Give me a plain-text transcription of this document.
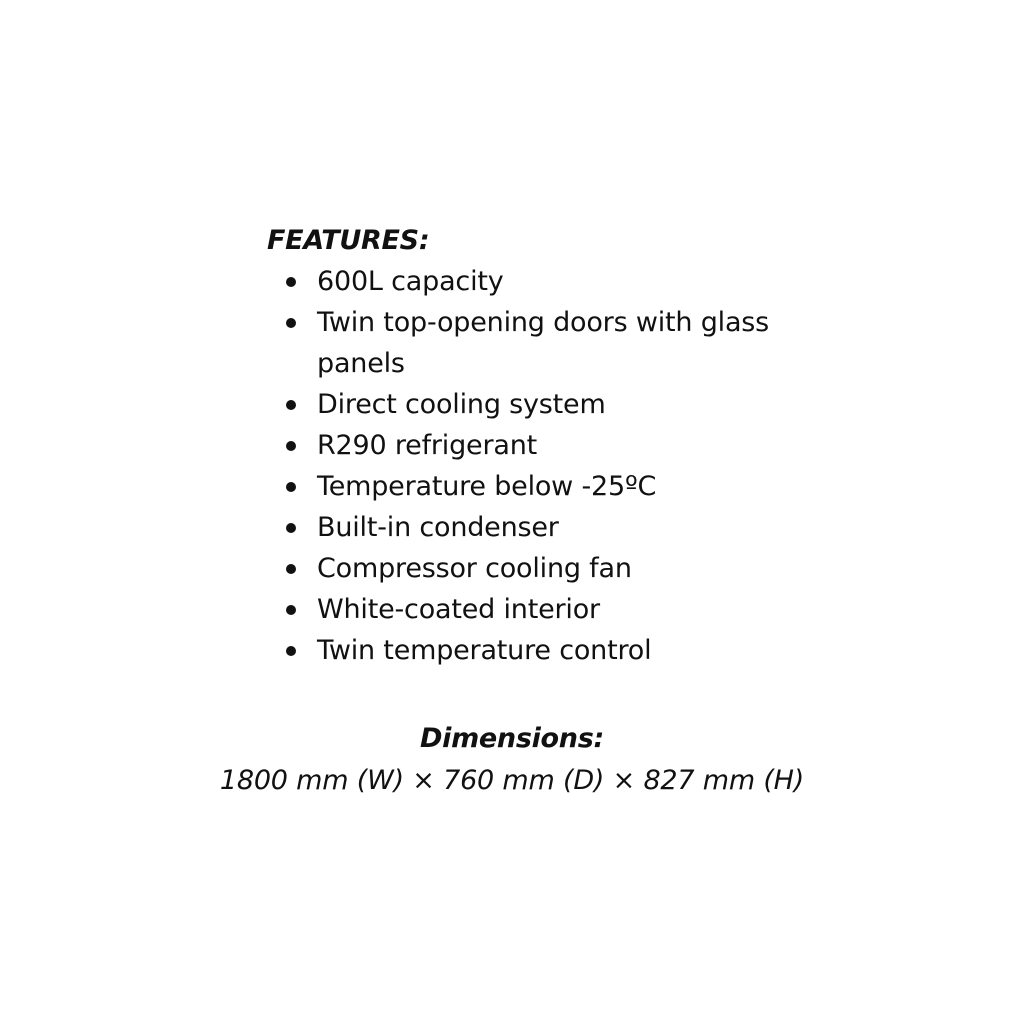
FEATURES:

600L capacity
Twin top-opening doors with glass panels
Direct cooling system
R290 refrigerant
Temperature below -25ºC
Built-in condenser
Compressor cooling fan
White-coated interior
Twin temperature control

Dimensions:

1800 mm (W) × 760 mm (D) × 827 mm (H)
